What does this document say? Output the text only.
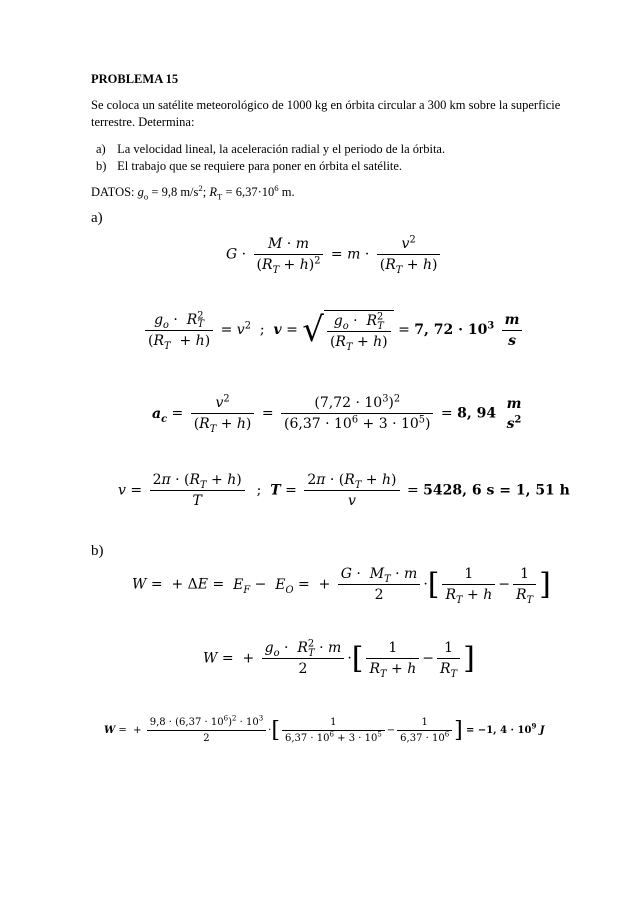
PROBLEMA 15
Se coloca un satélite meteorológico de 1000 kg en órbita circular a 300 km sobre la superficie terrestre. Determina:
a) La velocidad lineal, la aceleración radial y el periodo de la órbita.
b) El trabajo que se requiere para poner en órbita el satélite.
DATOS: $g_o = 9,8$ $m/s^2$; $R_T = 6,37\cdot 10^6$ m.
a)
$G \cdot \frac{M \cdot m}{(R_T + h)^2} = m \cdot \frac{v^2}{(R_T + h)}$
$\frac{g_o \cdot R^2_T}{(R_T + h)} = v^2$  ;  v = √ $\frac{g_o \cdot R^2_T}{(R_T + h)} = 7$, $72 \cdot 10^3 \frac{m}{s}$
$a_c = \frac{v^2}{(R_T + h)} = \frac{(7,72 \cdot 10^3)^2}{(6,37 \cdot 10^6 + 3 \cdot 10^5)} = 8$, 94
m
$s^2$
$v = \frac{2\pi \cdot (R_T + h)}{T}$ ;  $T = \frac{2\pi \cdot (R_T + h)}{v} = 5428$, 6 s = 1, 51 h
b)
W =  + $\Delta E = E_F - E_O$ =  + $\frac{G \cdot M_T \cdot m}{2}$ ·[ $\frac{1}{R_T + h} - \frac{1}{R_T}$ ]
W =  + $\frac{g_o \cdot R^2_T \cdot m}{2}$ ·[ $\frac{1}{R_T + h} - \frac{1}{R_T}$ ]
W =  + $\frac{9,8 \cdot (6,37 \cdot 10^6)^2 \cdot 10^3}{2}$ ·[ $\frac{1}{6,37 \cdot 10^6 + 3 \cdot 10^5} - \frac{1}{6,37 \cdot 10^6}$ ] = −1, $4 \cdot 10^9$ J
